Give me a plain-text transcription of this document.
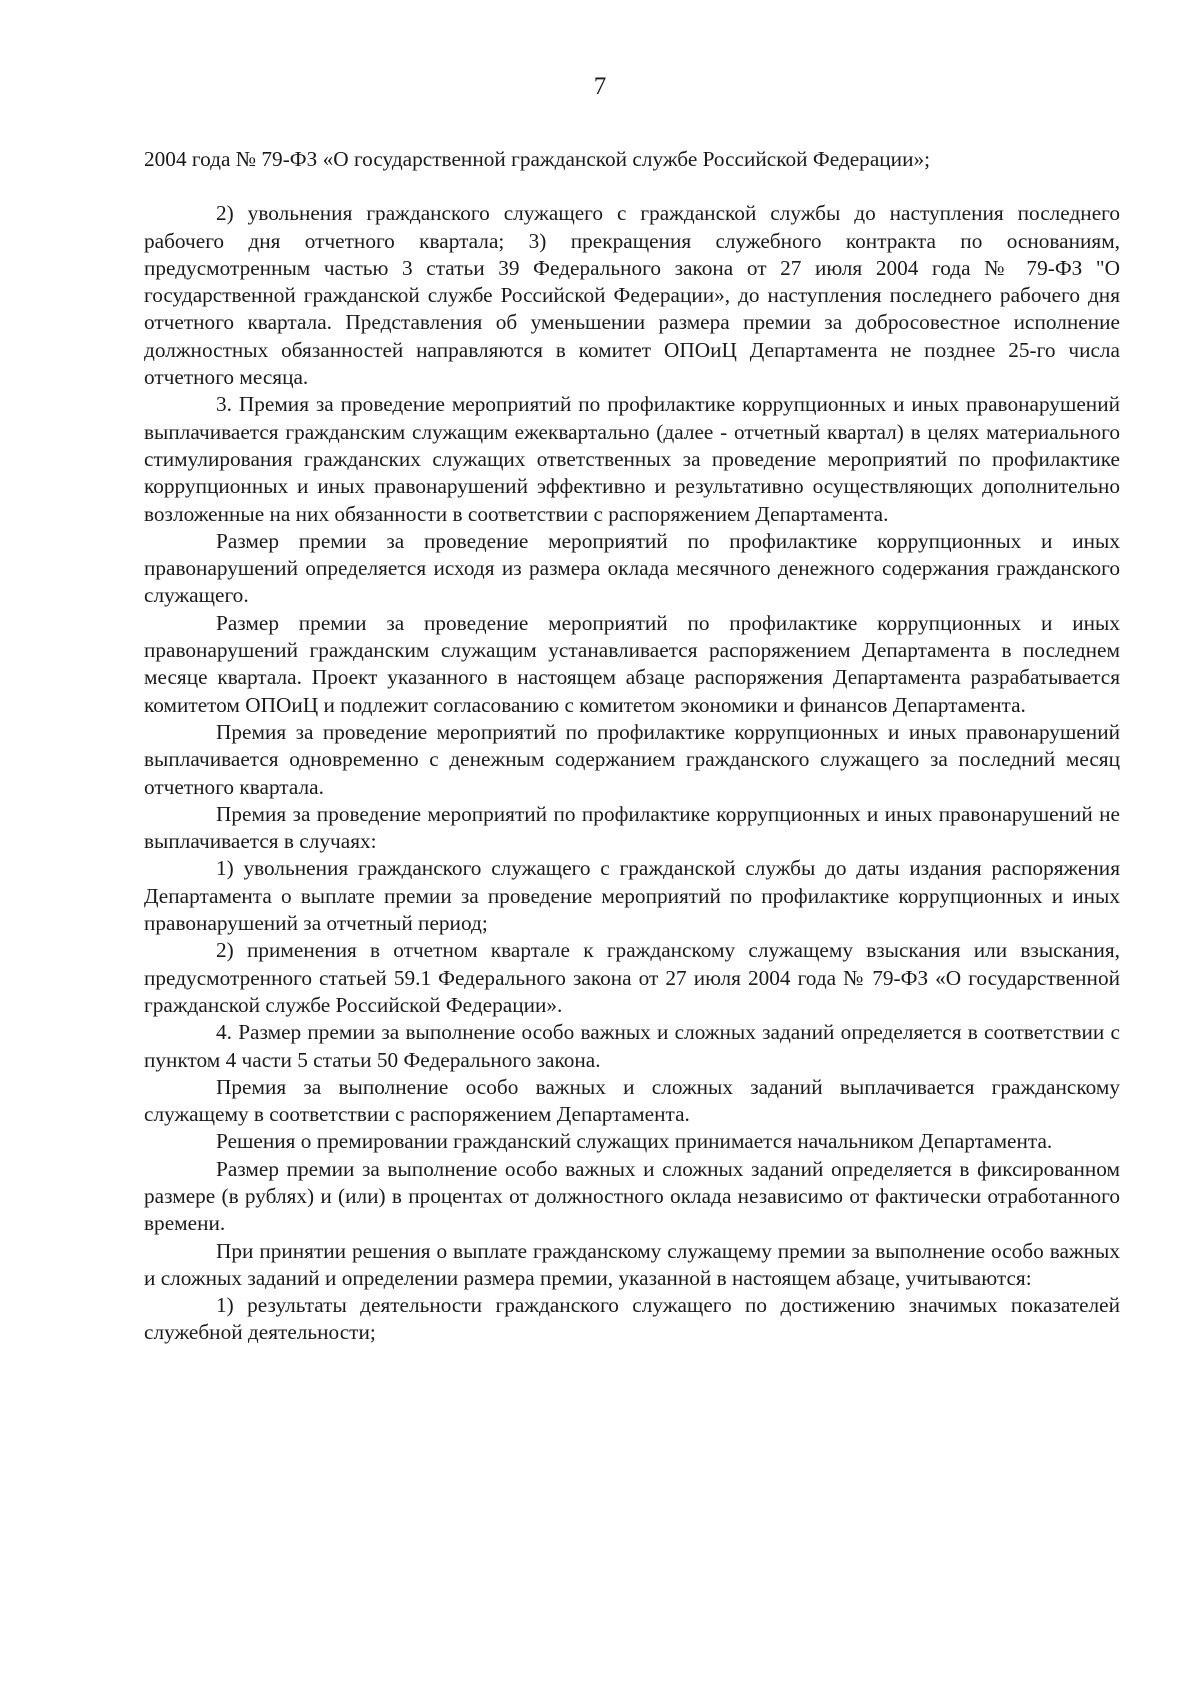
7

2004 года № 79-ФЗ «О государственной гражданской службе Российской Федерации»;

2) увольнения гражданского служащего с гражданской службы до наступления последнего рабочего дня отчетного квартала; 3) прекращения служебного контракта по основаниям, предусмотренным частью 3 статьи 39 Федерального закона от 27 июля 2004 года № 79-ФЗ "О государственной гражданской службе Российской Федерации», до наступления последнего рабочего дня отчетного квартала. Представления об уменьшении размера премии за добросовестное исполнение должностных обязанностей направляются в комитет ОПОиЦ Департамента не позднее 25-го числа отчетного месяца.

3. Премия за проведение мероприятий по профилактике коррупционных и иных правонарушений выплачивается гражданским служащим ежеквартально (далее - отчетный квартал) в целях материального стимулирования гражданских служащих ответственных за проведение мероприятий по профилактике коррупционных и иных правонарушений эффективно и результативно осуществляющих дополнительно возложенные на них обязанности в соответствии с распоряжением Департамента.

Размер премии за проведение мероприятий по профилактике коррупционных и иных правонарушений определяется исходя из размера оклада месячного денежного содержания гражданского служащего.

Размер премии за проведение мероприятий по профилактике коррупционных и иных правонарушений гражданским служащим устанавливается распоряжением Департамента в последнем месяце квартала. Проект указанного в настоящем абзаце распоряжения Департамента разрабатывается комитетом ОПОиЦ и подлежит согласованию с комитетом экономики и финансов Департамента.

Премия за проведение мероприятий по профилактике коррупционных и иных правонарушений выплачивается одновременно с денежным содержанием гражданского служащего за последний месяц отчетного квартала.

Премия за проведение мероприятий по профилактике коррупционных и иных правонарушений не выплачивается в случаях:

1) увольнения гражданского служащего с гражданской службы до даты издания распоряжения Департамента о выплате премии за проведение мероприятий по профилактике коррупционных и иных правонарушений за отчетный период;

2) применения в отчетном квартале к гражданскому служащему взыскания или взыскания, предусмотренного статьей 59.1 Федерального закона от 27 июля 2004 года № 79-ФЗ «О государственной гражданской службе Российской Федерации».

4. Размер премии за выполнение особо важных и сложных заданий определяется в соответствии с пунктом 4 части 5 статьи 50 Федерального закона.

Премия за выполнение особо важных и сложных заданий выплачивается гражданскому служащему в соответствии с распоряжением Департамента.

Решения о премировании гражданский служащих принимается начальником Департамента.

Размер премии за выполнение особо важных и сложных заданий определяется в фиксированном размере (в рублях) и (или) в процентах от должностного оклада независимо от фактически отработанного времени.

При принятии решения о выплате гражданскому служащему премии за выполнение особо важных и сложных заданий и определении размера премии, указанной в настоящем абзаце, учитываются:

1) результаты деятельности гражданского служащего по достижению значимых показателей служебной деятельности;
